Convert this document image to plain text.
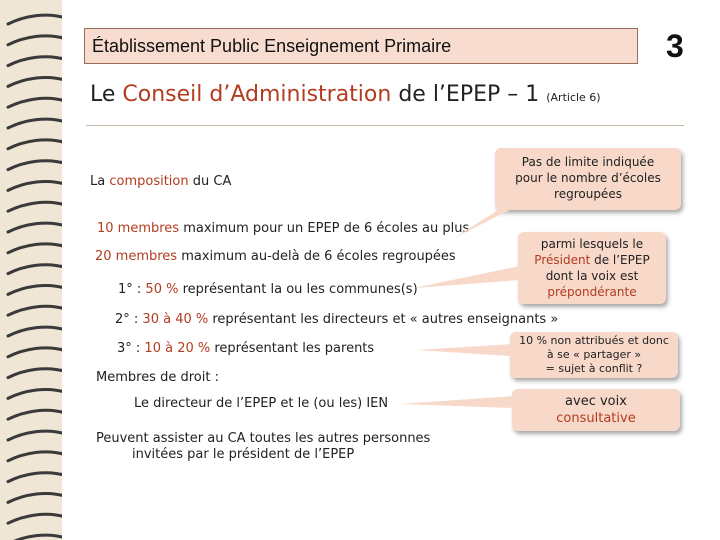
Établissement Public Enseignement Primaire	3
Le Conseil d’Administration de l’EPEP – 1 (Article 6)
La composition du CA
10 membres maximum pour un EPEP de 6 écoles au plus
20 membres maximum au-delà de 6 écoles regroupées
1° : 50 % représentant la ou les communes(s)
2° : 30 à 40 % représentant les directeurs et « autres enseignants »
3° : 10 à 20 % représentant les parents
Membres de droit :
Le directeur de l’EPEP et le (ou les) IEN
Peuvent assister au CA toutes les autres personnes
invitées par le président de l’EPEP
Pas de limite indiquée
pour le nombre d’écoles
regroupées
parmi lesquels le
Président de l’EPEP
dont la voix est
prépondérante
10 % non attribués et donc
à se « partager »
= sujet à conflit ?
avec voix
consultative
